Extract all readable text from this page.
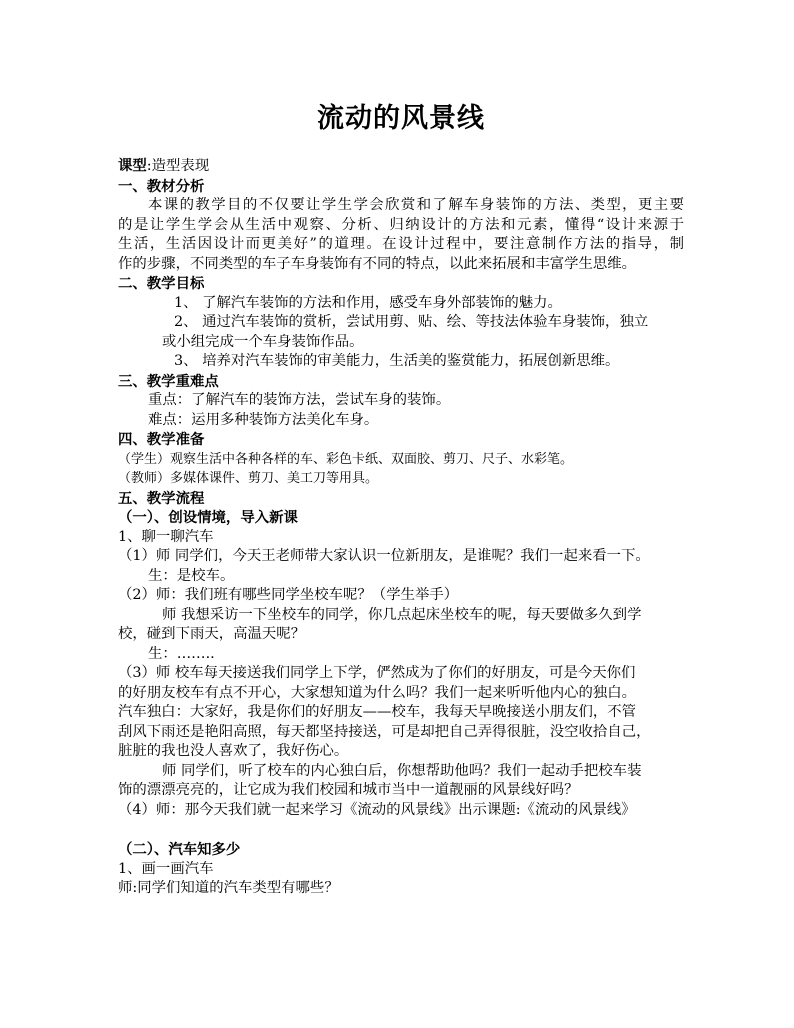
流动的风景线

课型:造型表现

一、教材分析

本课的教学目的不仅要让学生学会欣赏和了解车身装饰的方法、类型，更主要

的是让学生学会从生活中观察、分析、归纳设计的方法和元素，懂得“设计来源于

生活，生活因设计而更美好”的道理。在设计过程中，要注意制作方法的指导，制

作的步骤，不同类型的车子车身装饰有不同的特点，以此来拓展和丰富学生思维。

二、教学目标

1、 了解汽车装饰的方法和作用，感受车身外部装饰的魅力。

2、 通过汽车装饰的赏析，尝试用剪、贴、绘、等技法体验车身装饰，独立

或小组完成一个车身装饰作品。

3、 培养对汽车装饰的审美能力，生活美的鉴赏能力，拓展创新思维。

三、教学重难点

重点：了解汽车的装饰方法，尝试车身的装饰。

难点：运用多种装饰方法美化车身。

四、教学准备

（学生）观察生活中各种各样的车、彩色卡纸、双面胶、剪刀、尺子、水彩笔。

（教师）多媒体课件、剪刀、美工刀等用具。

五、教学流程

（一）、创设情境，导入新课

1、聊一聊汽车

（1）师 同学们，今天王老师带大家认识一位新朋友，是谁呢？我们一起来看一下。

生：是校车。

（2）师：我们班有哪些同学坐校车呢？（学生举手）

师 我想采访一下坐校车的同学，你几点起床坐校车的呢，每天要做多久到学

校，碰到下雨天，高温天呢？

生：……..

（3）师 校车每天接送我们同学上下学，俨然成为了你们的好朋友，可是今天你们

的好朋友校车有点不开心，大家想知道为什么吗？我们一起来听听他内心的独白。

汽车独白：大家好，我是你们的好朋友——校车，我每天早晚接送小朋友们，不管

刮风下雨还是艳阳高照，每天都坚持接送，可是却把自己弄得很脏，没空收拾自己，

脏脏的我也没人喜欢了，我好伤心。

师 同学们，听了校车的内心独白后，你想帮助他吗？我们一起动手把校车装

饰的漂漂亮亮的，让它成为我们校园和城市当中一道靓丽的风景线好吗？

（4）师：那今天我们就一起来学习《流动的风景线》出示课题:《流动的风景线》

（二）、汽车知多少

1、画一画汽车

师:同学们知道的汽车类型有哪些？
